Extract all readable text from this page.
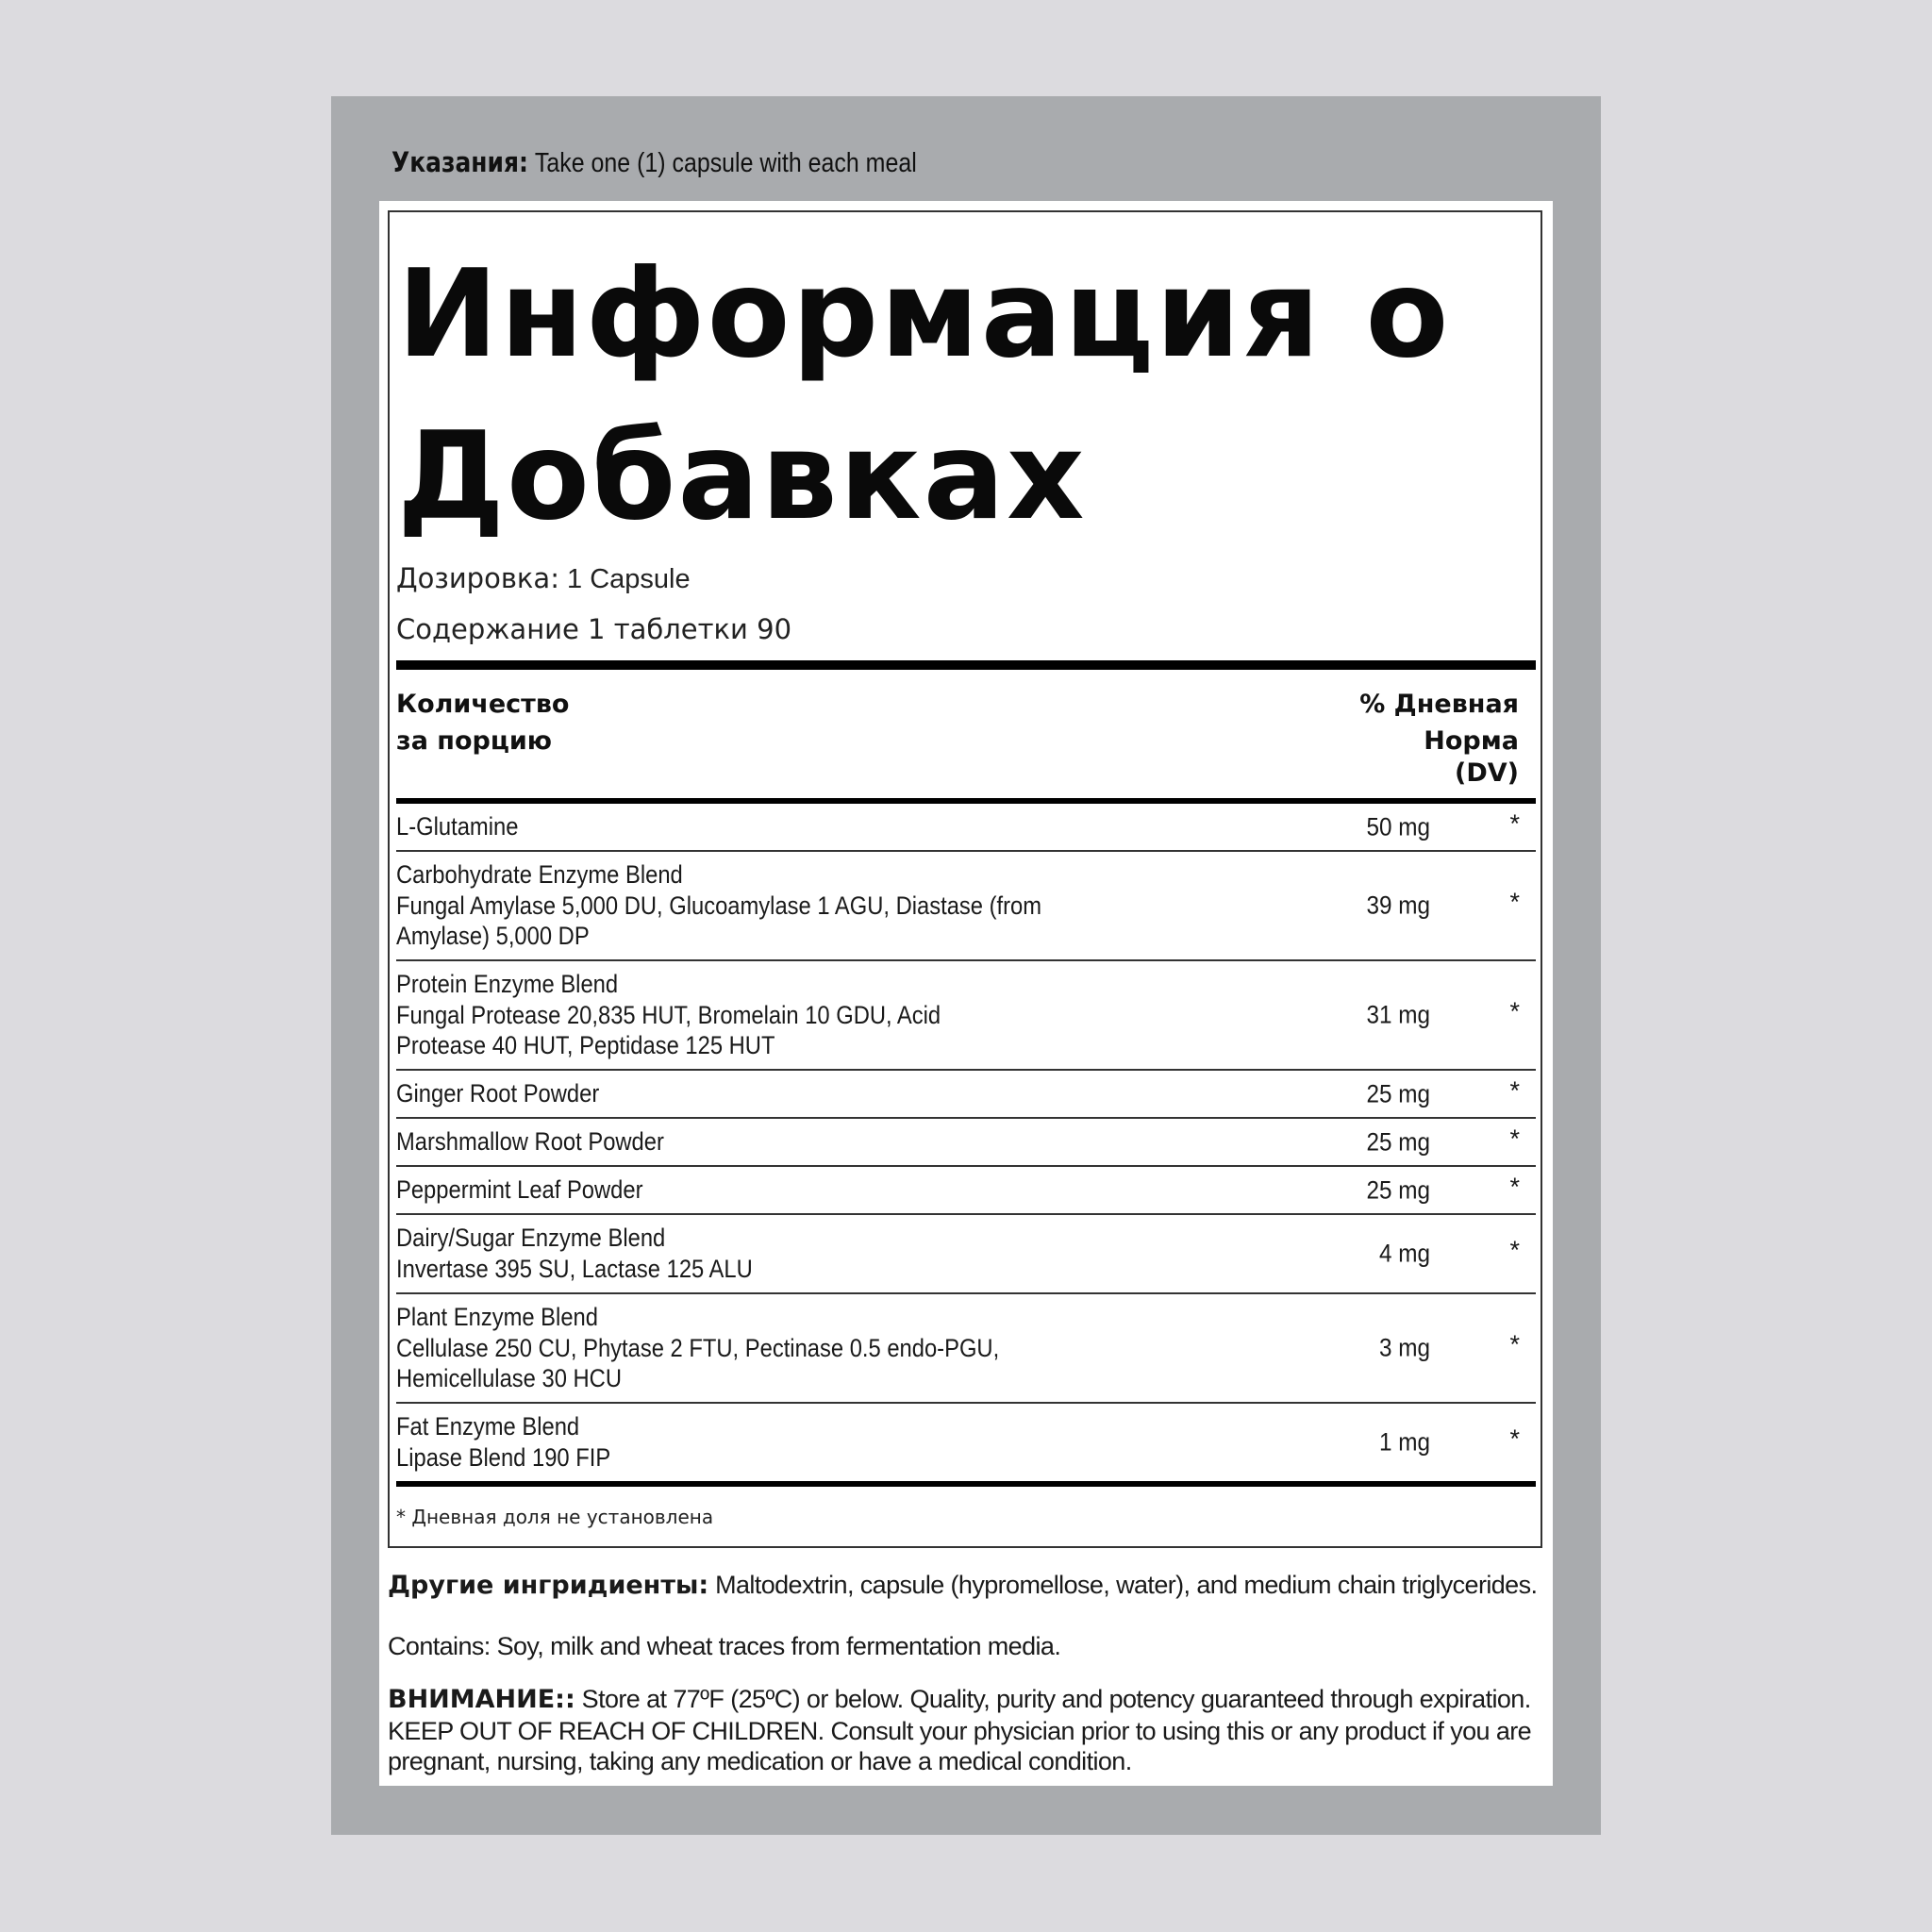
Указания: Take one (1) capsule with each meal
Информация о Добавках
Дозировка: 1 Capsule
Содержание 1 таблетки 90
Количество
за порцию
% Дневная
Норма
(DV)
L-Glutamine	50 mg	*
Carbohydrate Enzyme Blend
Fungal Amylase 5,000 DU, Glucoamylase 1 AGU, Diastase (from Amylase) 5,000 DP
39 mg	*
Protein Enzyme Blend
Fungal Protease 20,835 HUT, Bromelain 10 GDU, Acid Protease 40 HUT, Peptidase 125 HUT
31 mg	*
Ginger Root Powder	25 mg	*
Marshmallow Root Powder	25 mg	*
Peppermint Leaf Powder	25 mg	*
Dairy/Sugar Enzyme Blend
Invertase 395 SU, Lactase 125 ALU
4 mg	*
Plant Enzyme Blend
Cellulase 250 CU, Phytase 2 FTU, Pectinase 0.5 endo-PGU, Hemicellulase 30 HCU
3 mg	*
Fat Enzyme Blend
Lipase Blend 190 FIP
1 mg	*
* Дневная доля не установлена
Другие ингридиенты: Maltodextrin, capsule (hypromellose, water), and medium chain triglycerides.
Contains: Soy, milk and wheat traces from fermentation media.
ВНИМАНИЕ:: Store at 77ºF (25ºC) or below. Quality, purity and potency guaranteed through expiration. KEEP OUT OF REACH OF CHILDREN. Consult your physician prior to using this or any product if you are pregnant, nursing, taking any medication or have a medical condition.
